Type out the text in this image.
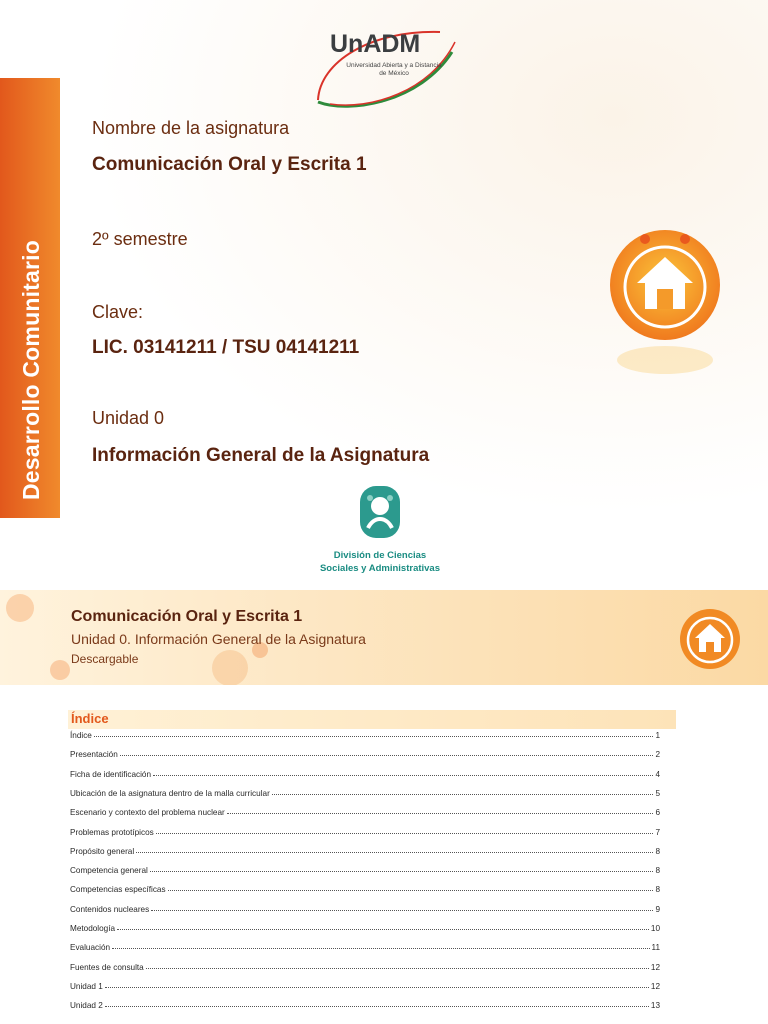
Desarrollo Comunitario
UnADM
Universidad Abierta y a Distancia de México
Nombre de la asignatura
Comunicación Oral y Escrita 1
2º semestre
Clave:
LIC. 03141211 / TSU 04141211
Unidad 0
Información General de la Asignatura
División de Ciencias
Sociales y Administrativas
Comunicación Oral y Escrita 1
Unidad 0. Información General de la Asignatura
Descargable
Índice
Índice	1
Presentación	2
Ficha de identificación	4
Ubicación de la asignatura dentro de la malla curricular	5
Escenario y contexto del problema nuclear	6
Problemas prototípicos	7
Propósito general	8
Competencia general	8
Competencias específicas	8
Contenidos nucleares	9
Metodología	10
Evaluación	11
Fuentes de consulta	12
Unidad 1	12
Unidad 2	13
